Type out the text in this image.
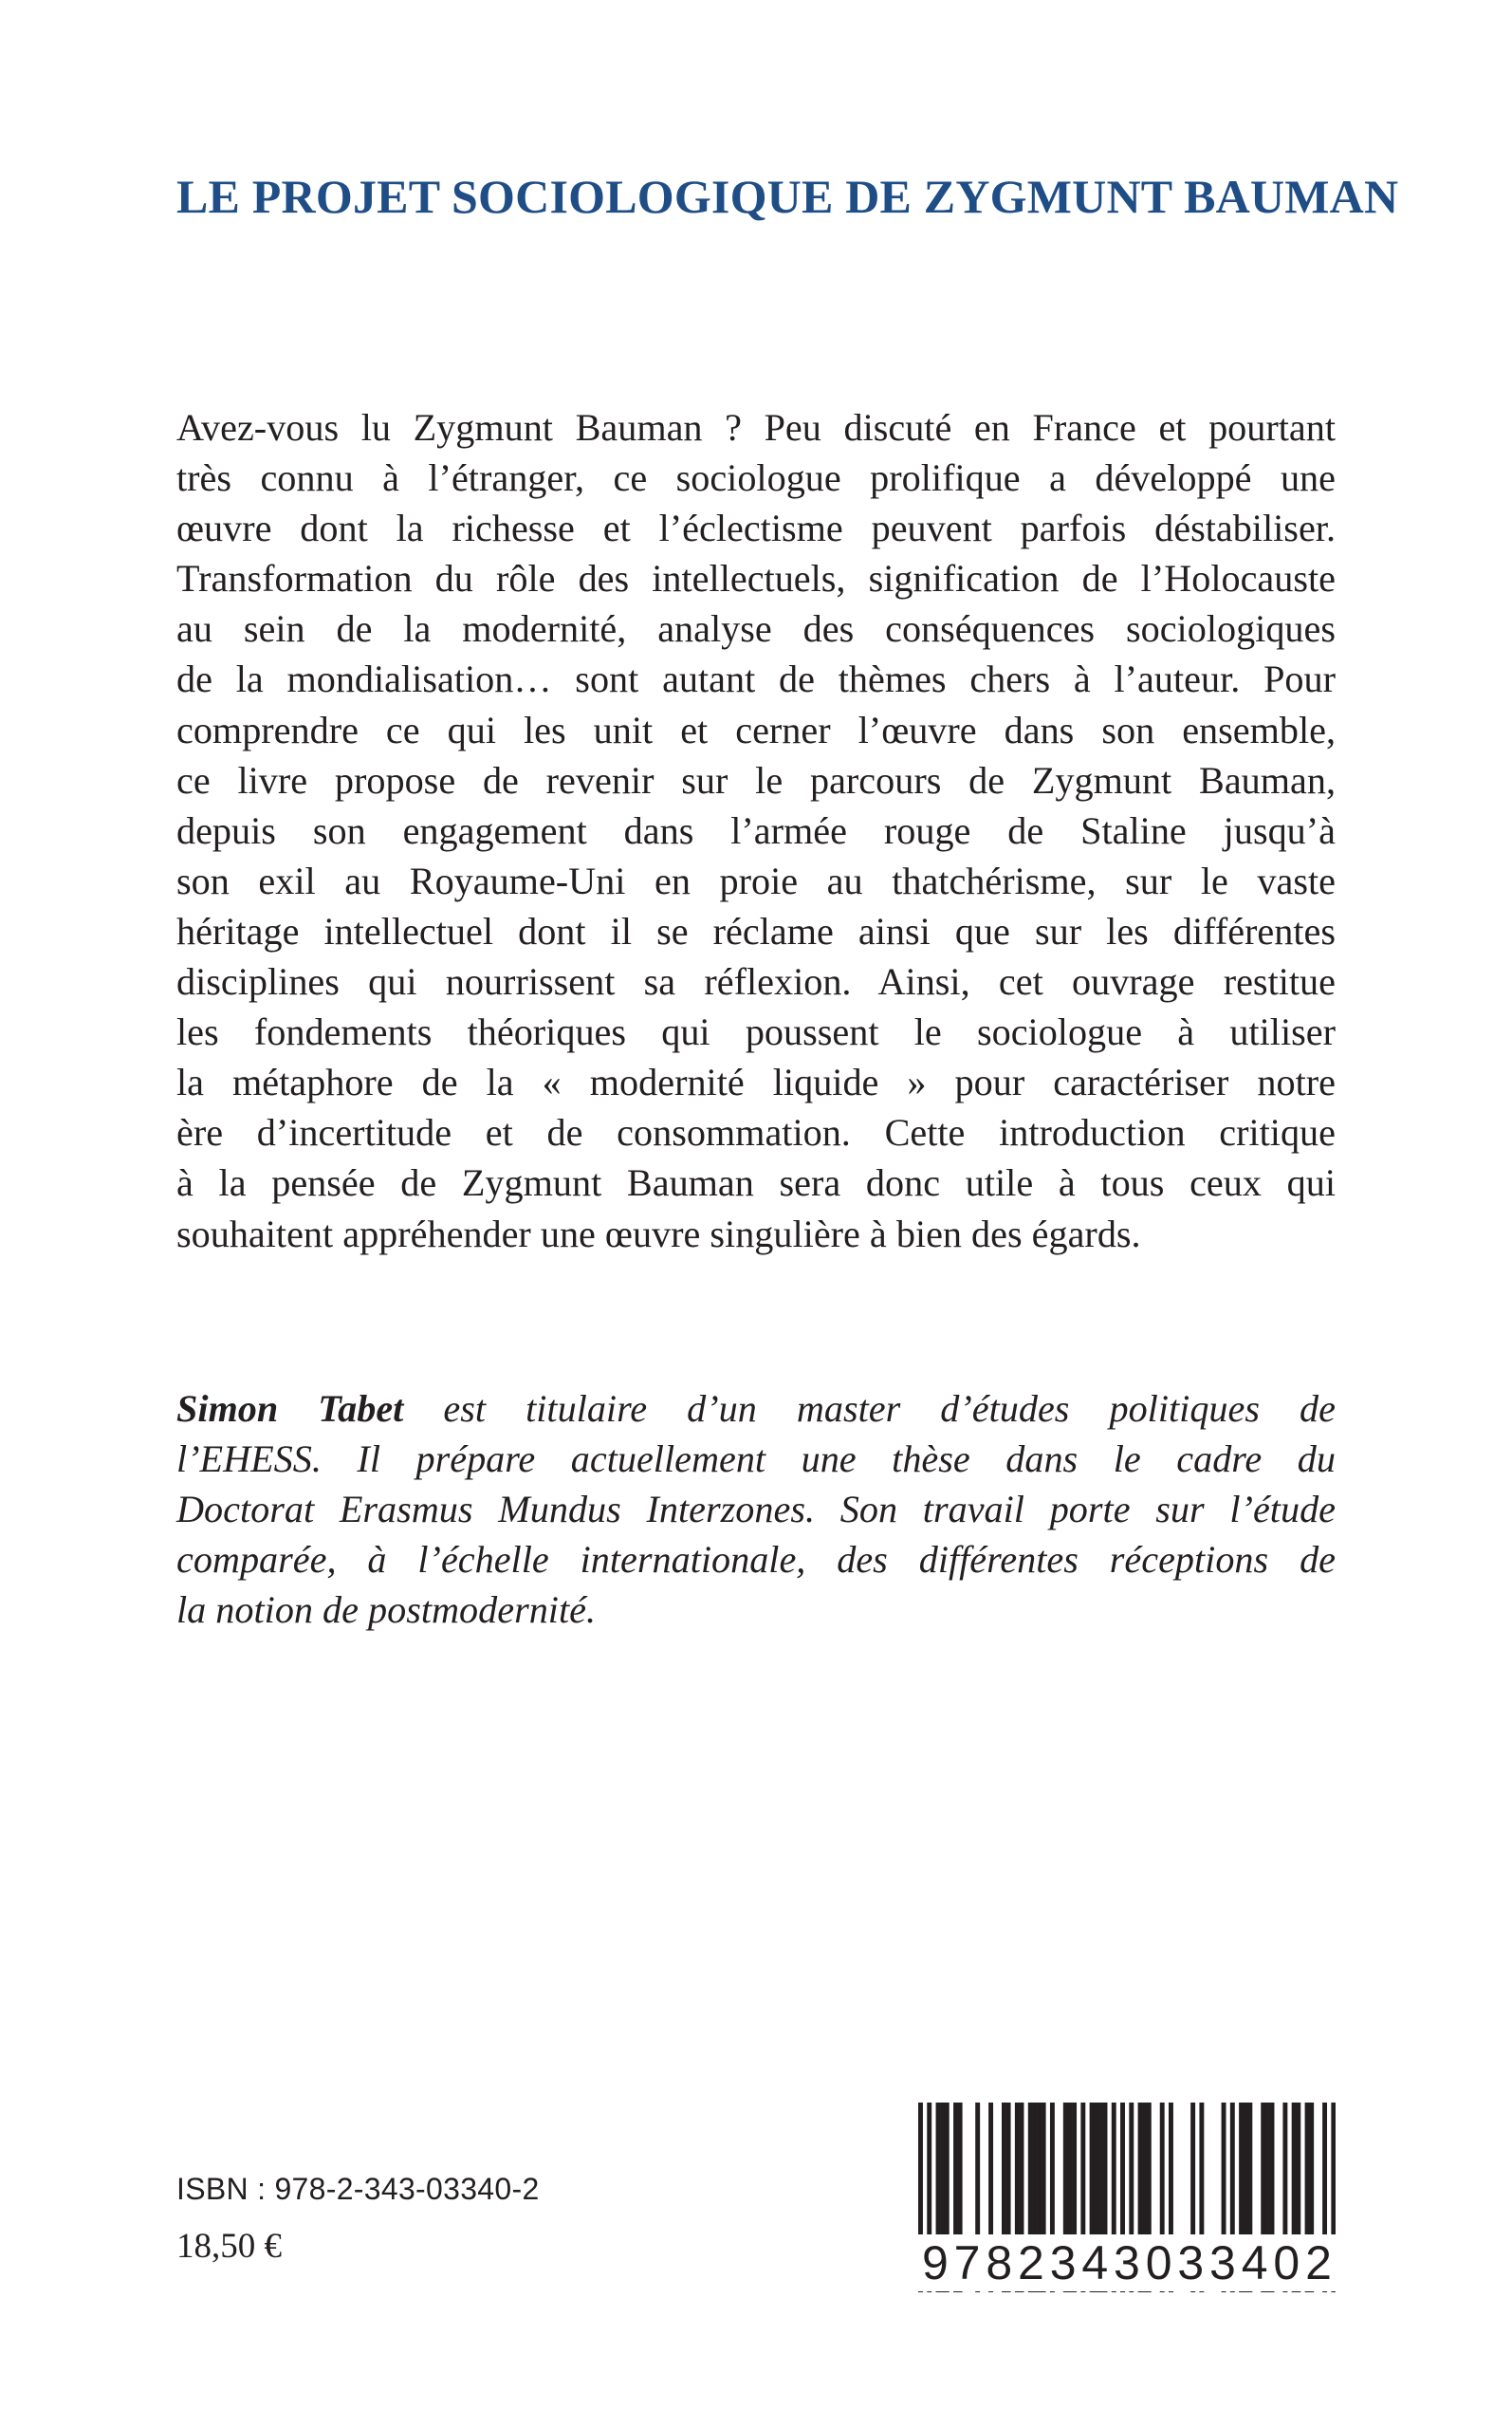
LE PROJET SOCIOLOGIQUE DE ZYGMUNT BAUMAN

Avez-vous lu Zygmunt Bauman ? Peu discuté en France et pourtant
très connu à l’étranger, ce sociologue prolifique a développé une
œuvre dont la richesse et l’éclectisme peuvent parfois déstabiliser.
Transformation du rôle des intellectuels, signification de l’Holocauste
au sein de la modernité, analyse des conséquences sociologiques
de la mondialisation… sont autant de thèmes chers à l’auteur. Pour
comprendre ce qui les unit et cerner l’œuvre dans son ensemble,
ce livre propose de revenir sur le parcours de Zygmunt Bauman,
depuis son engagement dans l’armée rouge de Staline jusqu’à
son exil au Royaume-Uni en proie au thatchérisme, sur le vaste
héritage intellectuel dont il se réclame ainsi que sur les différentes
disciplines qui nourrissent sa réflexion. Ainsi, cet ouvrage restitue
les fondements théoriques qui poussent le sociologue à utiliser
la métaphore de la « modernité liquide » pour caractériser notre
ère d’incertitude et de consommation. Cette introduction critique
à la pensée de Zygmunt Bauman sera donc utile à tous ceux qui
souhaitent appréhender une œuvre singulière à bien des égards.

Simon Tabet est titulaire d’un master d’études politiques de
l’EHESS. Il prépare actuellement une thèse dans le cadre du
Doctorat Erasmus Mundus Interzones. Son travail porte sur l’étude
comparée, à l’échelle internationale, des différentes réceptions de
la notion de postmodernité.

ISBN : 978-2-343-03340-2
18,50 €	9 7 8 2 3 4 3 0 3 3 4 0 2
